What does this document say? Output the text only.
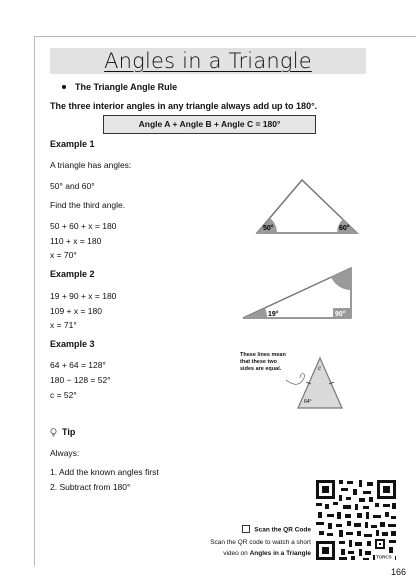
Angles in a Triangle
The Triangle Angle Rule
The three interior angles in any triangle always add up to 180°.
Angle A + Angle B + Angle C = 180°
Example 1
A triangle has angles:
50° and 60°
Find the third angle.
50 + 60 + x = 180
110 + x = 180
x = 70°
50°	60°
Example 2
19 + 90 + x = 180
109 + x = 180
x = 71°
19°	90°
Example 3
64 + 64 = 128°
180 − 128 = 52°
c = 52°
These lines mean
that these two
sides are equal.	c
64°
Tip
Always:
1. Add the known angles first
2. Subtract from 180°
Scan the QR Code
Scan the QR code to watch a short
video on Angles in a Triangle	TORCS
166
